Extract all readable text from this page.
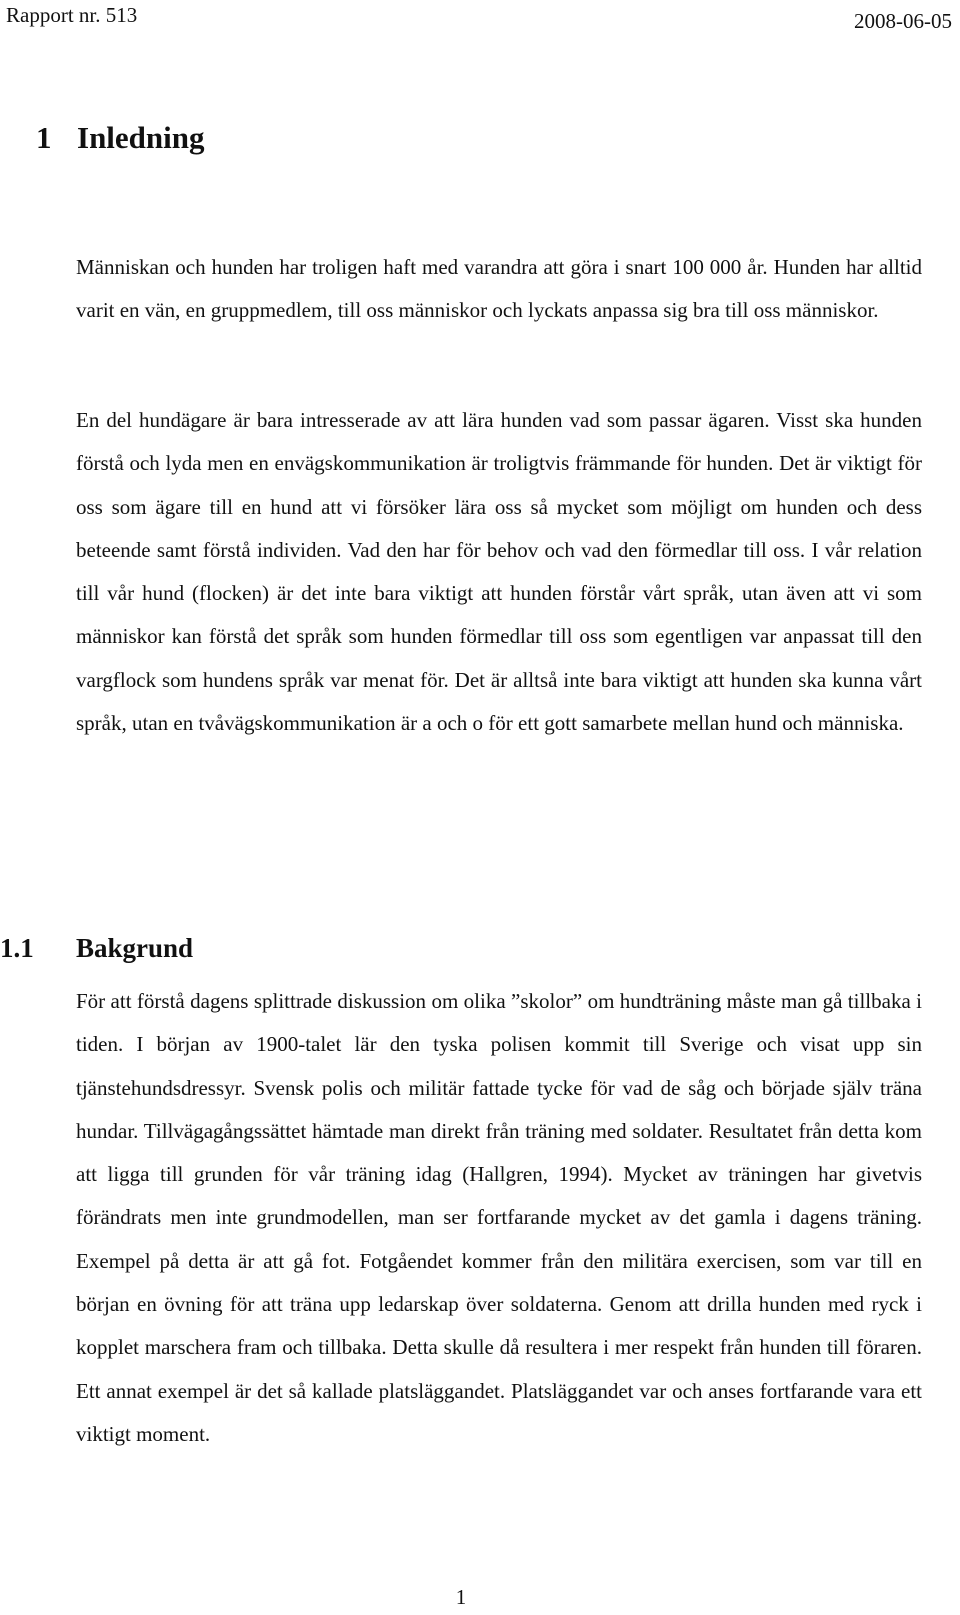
Rapport nr. 513	2008-06-05
1 Inledning

Människan och hunden har troligen haft med varandra att göra i snart 100 000 år. Hunden har alltid varit en vän, en gruppmedlem, till oss människor och lyckats anpassa sig bra till oss människor.

En del hundägare är bara intresserade av att lära hunden vad som passar ägaren. Visst ska hunden förstå och lyda men en envägskommunikation är troligtvis främmande för hunden. Det är viktigt för oss som ägare till en hund att vi försöker lära oss så mycket som möjligt om hunden och dess beteende samt förstå individen. Vad den har för behov och vad den förmedlar till oss. I vår relation till vår hund (flocken) är det inte bara viktigt att hunden förstår vårt språk, utan även att vi som människor kan förstå det språk som hunden förmedlar till oss som egentligen var anpassat till den vargflock som hundens språk var menat för. Det är alltså inte bara viktigt att hunden ska kunna vårt språk, utan en tvåvägskommunikation är a och o för ett gott samarbete mellan hund och människa.

1.1 Bakgrund

För att förstå dagens splittrade diskussion om olika ”skolor” om hundträning måste man gå tillbaka i tiden. I början av 1900-talet lär den tyska polisen kommit till Sverige och visat upp sin tjänstehundsdressyr. Svensk polis och militär fattade tycke för vad de såg och började själv träna hundar. Tillvägagångssättet hämtade man direkt från träning med soldater. Resultatet från detta kom att ligga till grunden för vår träning idag (Hallgren, 1994). Mycket av träningen har givetvis förändrats men inte grundmodellen, man ser fortfarande mycket av det gamla i dagens träning. Exempel på detta är att gå fot. Fotgåendet kommer från den militära exercisen, som var till en början en övning för att träna upp ledarskap över soldaterna. Genom att drilla hunden med ryck i kopplet marschera fram och tillbaka. Detta skulle då resultera i mer respekt från hunden till föraren. Ett annat exempel är det så kallade platsläggandet. Platsläggandet var och anses fortfarande vara ett viktigt moment.

1
